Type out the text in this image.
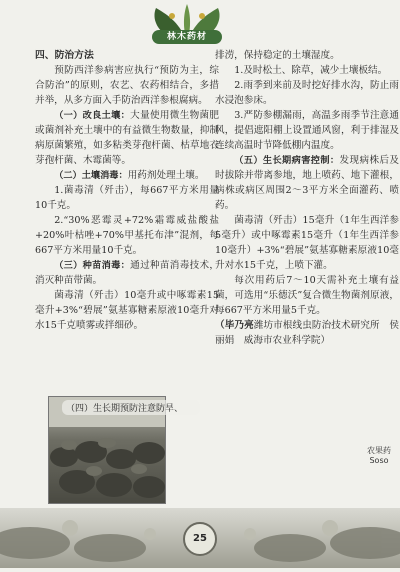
林木药材

四、防治方法

预防西洋参病害应执行“预防为主，综合防治”的原则，农艺、农药相结合，多措并举，从多方面入手防治西洋参根腐病。

（一）改良土壤：大量使用微生物菌肥或菌剂补充土壤中的有益微生物数量，抑制病原菌繁殖，如多粘类芽孢杆菌、枯草地衣芽孢杆菌、木霉菌等。

（二）土壤消毒：用药剂处理土壤。

1.菌毒清（歼击），每667平方米用量10千克。

2.“30%恶霉灵+72%霜霉威盐酸盐+20%叶枯唑+70%甲基托布津”混剂，每667平方米用量10千克。

（三）种苗消毒：通过种苗消毒技术，消灭种苗带菌。

菌毒清（歼击）10毫升或中啄霉素15毫升+3%“碧展”氨基寡糖素原液10毫升对水15千克喷雾或拌细砂。

（四）生长期预防注意防旱、

排涝，保持稳定的土壤湿度。

1.及时松土、除草，减少土壤板结。

2.雨季到来前及时挖好排水沟，防止雨水浸泡参床。

3.严防参棚漏雨，高温多雨季节注意通风，提倡遮阳棚上设置通风窗，利于排湿及连续高温时节降低棚内温度。

（五）生长期病害控制：发现病株后及时拔除并带离参地，地上喷药、地下灌根，病株或病区周围2～3平方米全面灌药、喷药。

菌毒清（歼击）15毫升（1年生西洋参5毫升）或中啄霉素15毫升（1年生西洋参10毫升）+3%“碧展”氨基寡糖素原液10毫升对水15千克，上喷下灌。

每次用药后7～10天需补充土壤有益菌，可选用“乐德沃”复合微生物菌剂原液，每667平方米用量5千克。

（毕乃亮潍坊市根线虫防治技术研究所　侯丽娟　威海市农业科学院）

25
农果药 Soso
